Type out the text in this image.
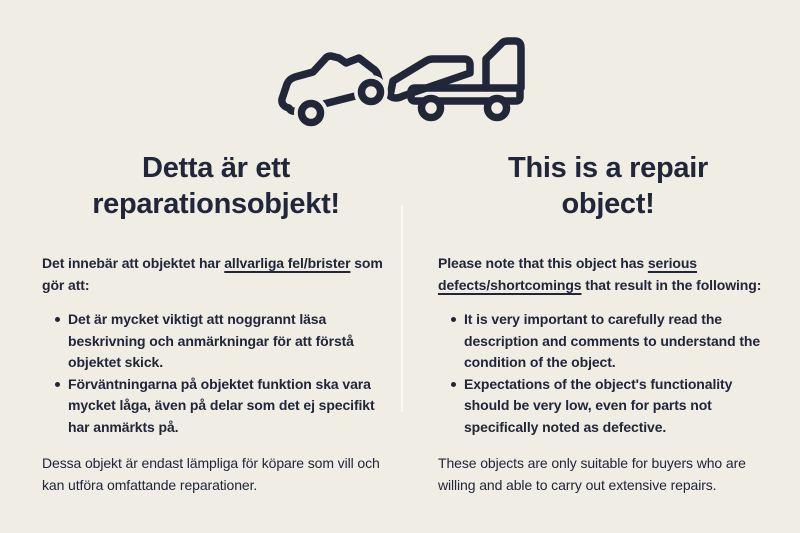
Detta är ett reparationsobjekt!

Det innebär att objektet har allvarliga fel/brister som gör att:

Det är mycket viktigt att noggrannt läsa beskrivning och anmärkningar för att förstå objektet skick.
Förväntningarna på objektet funktion ska vara mycket låga, även på delar som det ej specifikt har anmärkts på.

Dessa objekt är endast lämpliga för köpare som vill och kan utföra omfattande reparationer.

This is a repair object!

Please note that this object has serious defects/shortcomings that result in the following:

It is very important to carefully read the description and comments to understand the condition of the object.
Expectations of the object's functionality should be very low, even for parts not specifically noted as defective.

These objects are only suitable for buyers who are willing and able to carry out extensive repairs.
